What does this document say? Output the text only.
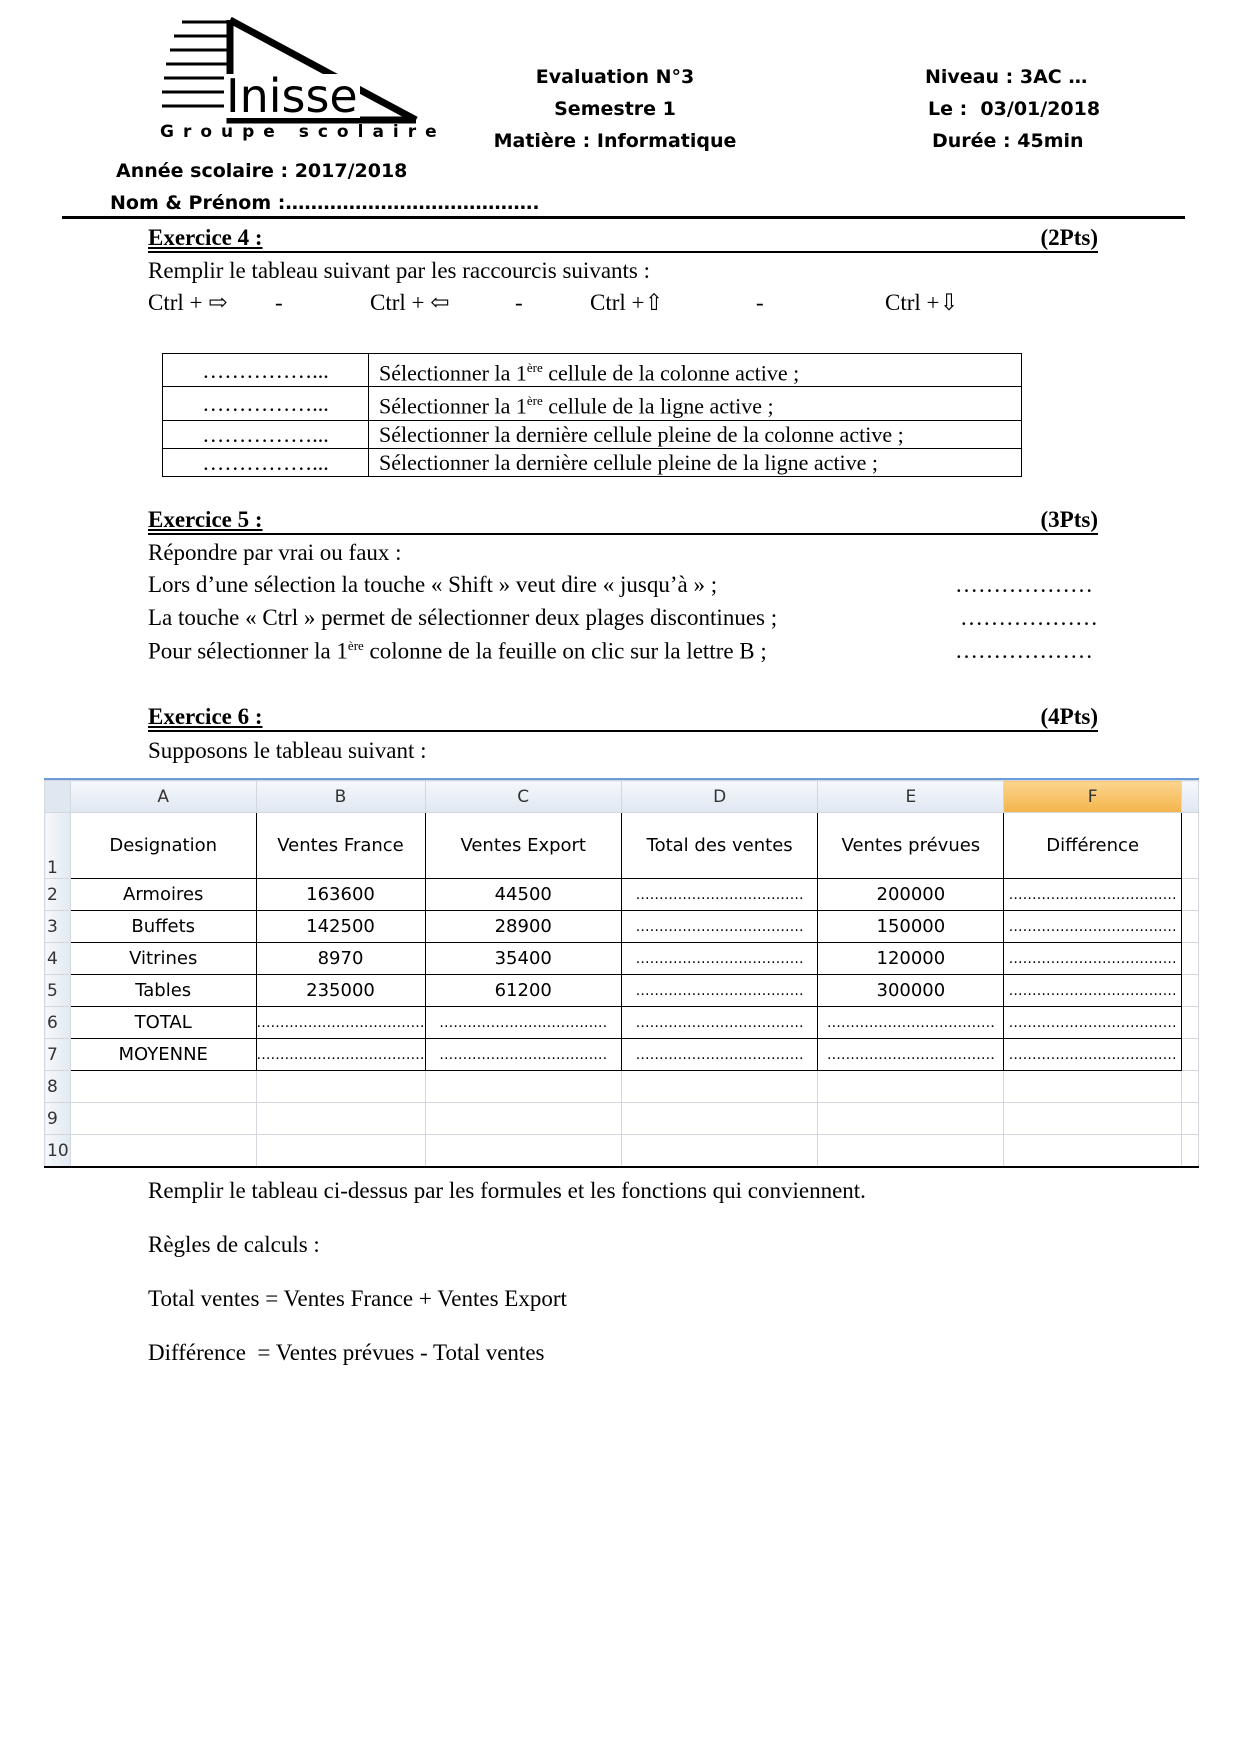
Inisse
Groupe scolaire
Année scolaire : 2017/2018
Nom & Prénom :………………………………….
Evaluation N°3
Semestre 1
Matière : Informatique
Niveau : 3AC …
Le :  03/01/2018
Durée : 45min
Exercice 4 :	(2Pts)
Remplir le tableau suivant par les raccourcis suivants :
Ctrl + ⇨ -	Ctrl + ⇦	-	Ctrl +⇧	-	Ctrl +⇩
……………...	Sélectionner la 1ère cellule de la colonne active ;
……………...	Sélectionner la 1ère cellule de la ligne active ;
……………...	Sélectionner la dernière cellule pleine de la colonne active ;
……………...	Sélectionner la dernière cellule pleine de la ligne active ;
Exercice 5 :	(3Pts)
Répondre par vrai ou faux :
Lors d’une sélection la touche « Shift » veut dire « jusqu’à » ;	………………
La touche « Ctrl » permet de sélectionner deux plages discontinues ;	………………
Pour sélectionner la 1ère colonne de la feuille on clic sur la lettre B ;	………………
Exercice 6 :	(4Pts)
Supposons le tableau suivant :
	A	B	C	D	E	F	
1	Designation	Ventes France	Ventes Export	Total des ventes	Ventes prévues	Différence	
2	Armoires	163600	44500	………………………………	200000	………………………………	
3	Buffets	142500	28900	………………………………	150000	………………………………	
4	Vitrines	8970	35400	………………………………	120000	………………………………	
5	Tables	235000	61200	………………………………	300000	………………………………	
6	TOTAL	………………………………	………………………………	………………………………	………………………………	………………………………	
7	MOYENNE	………………………………	………………………………	………………………………	………………………………	………………………………	
8							
9							
10							
Remplir le tableau ci-dessus par les formules et les fonctions qui conviennent.
Règles de calculs :
Total ventes = Ventes France + Ventes Export
Différence  = Ventes prévues - Total ventes
